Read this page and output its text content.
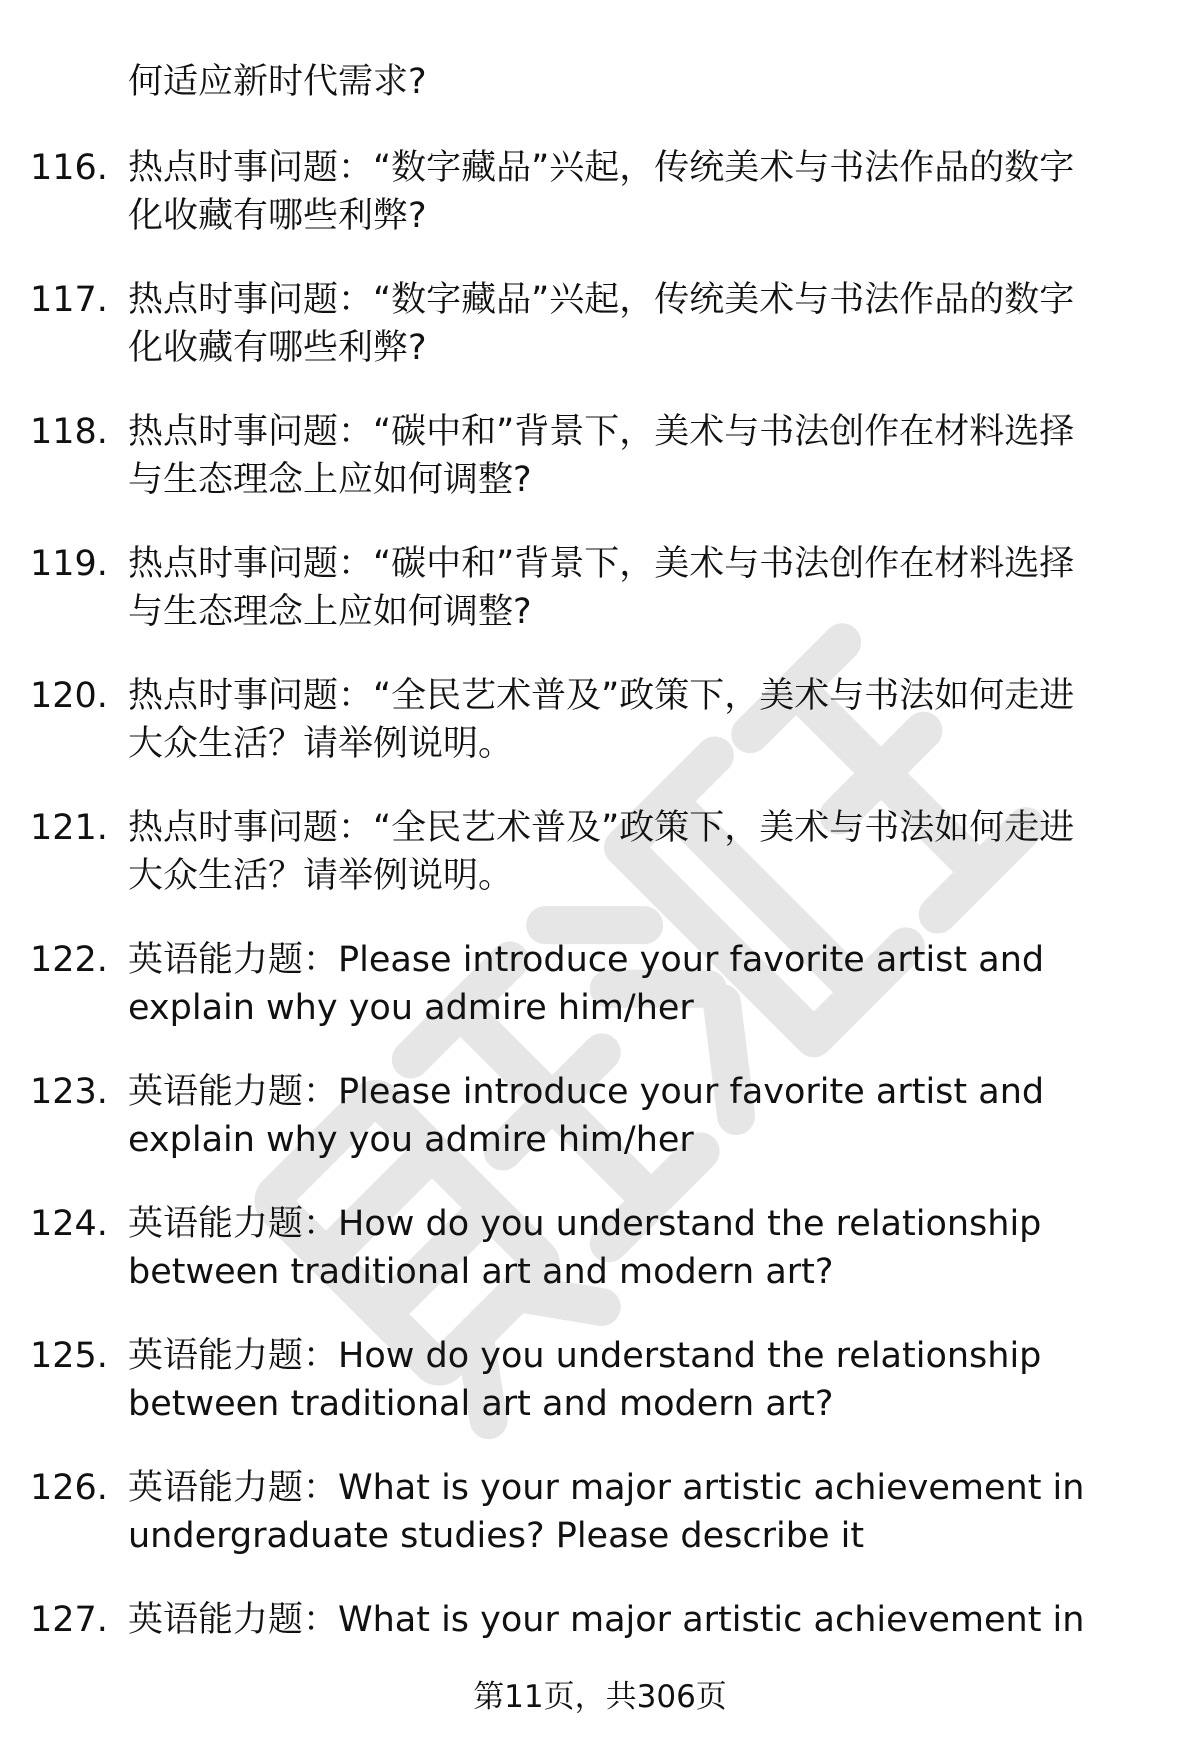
何适应新时代需求?
116. 热点时事问题：“数字藏品”兴起，传统美术与书法作品的数字
化收藏有哪些利弊?
117. 热点时事问题：“数字藏品”兴起，传统美术与书法作品的数字
化收藏有哪些利弊?
118. 热点时事问题：“碳中和”背景下，美术与书法创作在材料选择
与生态理念上应如何调整?
119. 热点时事问题：“碳中和”背景下，美术与书法创作在材料选择
与生态理念上应如何调整?
120. 热点时事问题：“全民艺术普及”政策下，美术与书法如何走进
大众生活？请举例说明。
121. 热点时事问题：“全民艺术普及”政策下，美术与书法如何走进
大众生活？请举例说明。
122. 英语能力题：Please introduce your favorite artist and
explain why you admire him/her
123. 英语能力题：Please introduce your favorite artist and
explain why you admire him/her
124. 英语能力题：How do you understand the relationship
between traditional art and modern art?
125. 英语能力题：How do you understand the relationship
between traditional art and modern art?
126. 英语能力题：What is your major artistic achievement in
undergraduate studies? Please describe it
127. 英语能力题：What is your major artistic achievement in
第11页，共306页
